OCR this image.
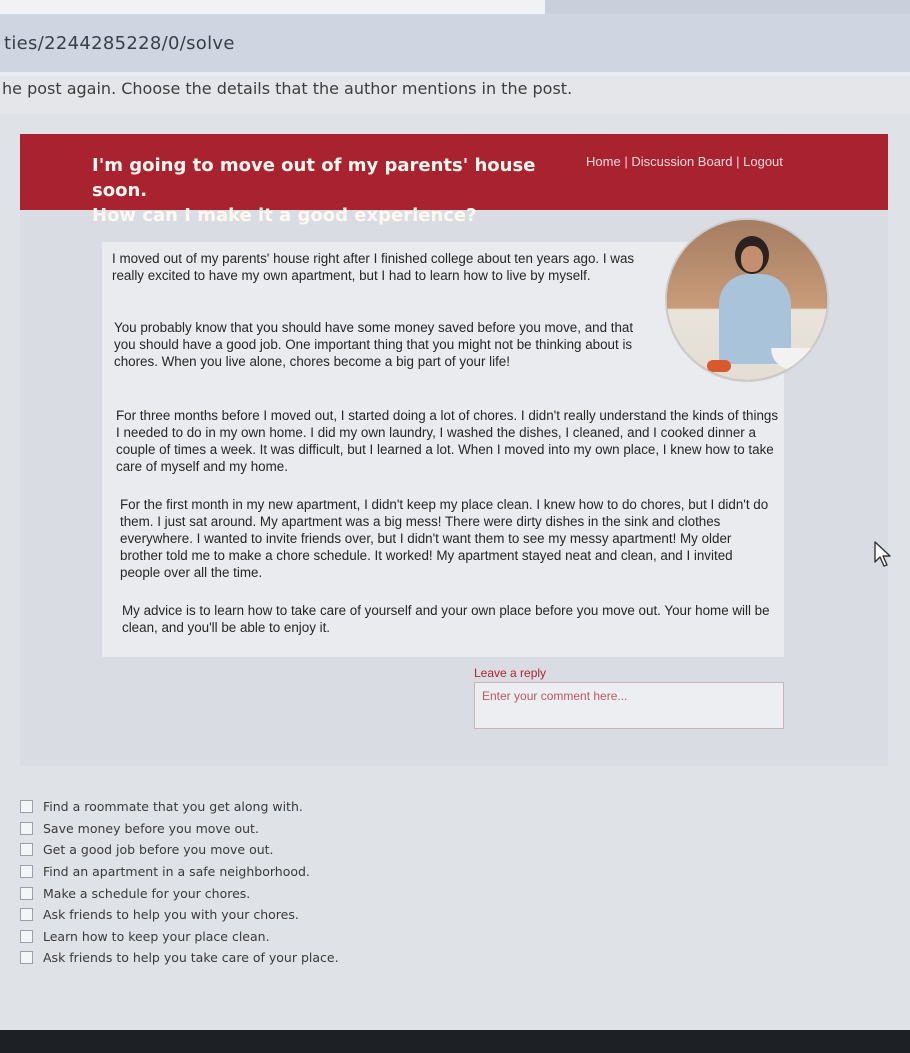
ties/2244285228/0/solve
he post again. Choose the details that the author mentions in the post.
I'm going to move out of my parents' house soon.
How can I make it a good experience?
Home | Discussion Board | Logout
I moved out of my parents' house right after I finished college about ten years ago. I was really excited to have my own apartment, but I had to learn how to live by myself.
You probably know that you should have some money saved before you move, and that you should have a good job. One important thing that you might not be thinking about is chores. When you live alone, chores become a big part of your life!
For three months before I moved out, I started doing a lot of chores. I didn't really understand the kinds of things I needed to do in my own home. I did my own laundry, I washed the dishes, I cleaned, and I cooked dinner a couple of times a week. It was difficult, but I learned a lot. When I moved into my own place, I knew how to take care of myself and my home.
For the first month in my new apartment, I didn't keep my place clean. I knew how to do chores, but I didn't do them. I just sat around. My apartment was a big mess! There were dirty dishes in the sink and clothes everywhere. I wanted to invite friends over, but I didn't want them to see my messy apartment! My older brother told me to make a chore schedule. It worked! My apartment stayed neat and clean, and I invited people over all the time.
My advice is to learn how to take care of yourself and your own place before you move out. Your home will be clean, and you'll be able to enjoy it.
Leave a reply
Enter your comment here...
Find a roommate that you get along with.
Save money before you move out.
Get a good job before you move out.
Find an apartment in a safe neighborhood.
Make a schedule for your chores.
Ask friends to help you with your chores.
Learn how to keep your place clean.
Ask friends to help you take care of your place.
